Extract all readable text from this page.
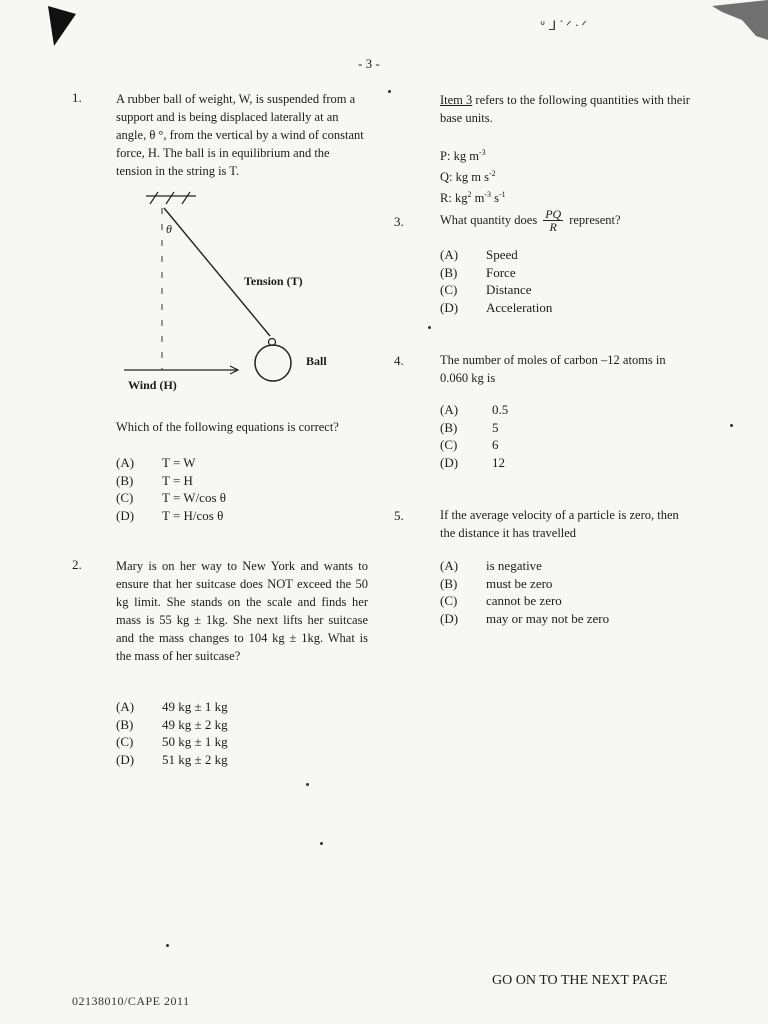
ᐡ ᒧ ᐝ ᐟ ᐧ ᐟ
- 3 -
1.	A rubber ball of weight, W, is suspended from a support and is being displaced laterally at an angle, θ °, from the vertical by a wind of constant force, H. The ball is in equilibrium and the tension in the string is T.
θ
Tension (T)
Ball
Wind (H)
Which of the following equations is correct?
(A)	T = W
(B)	T = H
(C)	T = W/cos θ
(D)	T = H/cos θ
2.	Mary is on her way to New York and wants to ensure that her suitcase does NOT exceed the 50 kg limit. She stands on the scale and finds her mass is 55 kg ± 1kg. She next lifts her suitcase and the mass changes to 104 kg ± 1kg. What is the mass of her suitcase?
(A)	49 kg ± 1 kg
(B)	49 kg ± 2 kg
(C)	50 kg ± 1 kg
(D)	51 kg ± 2 kg
Item 3 refers to the following quantities with their base units.
P: kg $m^{-3}$
Q: kg m $s^{-2}$
R: $kg^2$ $m^{-3}$ $s^{-1}$
3.	What quantity does $\frac{PQ}{R}$ represent?
(A)	Speed
(B)	Force
(C)	Distance
(D)	Acceleration
4.	The number of moles of carbon –12 atoms in 0.060 kg is
(A)	0.5
(B)	5
(C)	6
(D)	12
5.	If the average velocity of a particle is zero, then the distance it has travelled
(A)	is negative
(B)	must be zero
(C)	cannot be zero
(D)	may or may not be zero
GO ON TO THE NEXT PAGE
02138010/CAPE 2011
